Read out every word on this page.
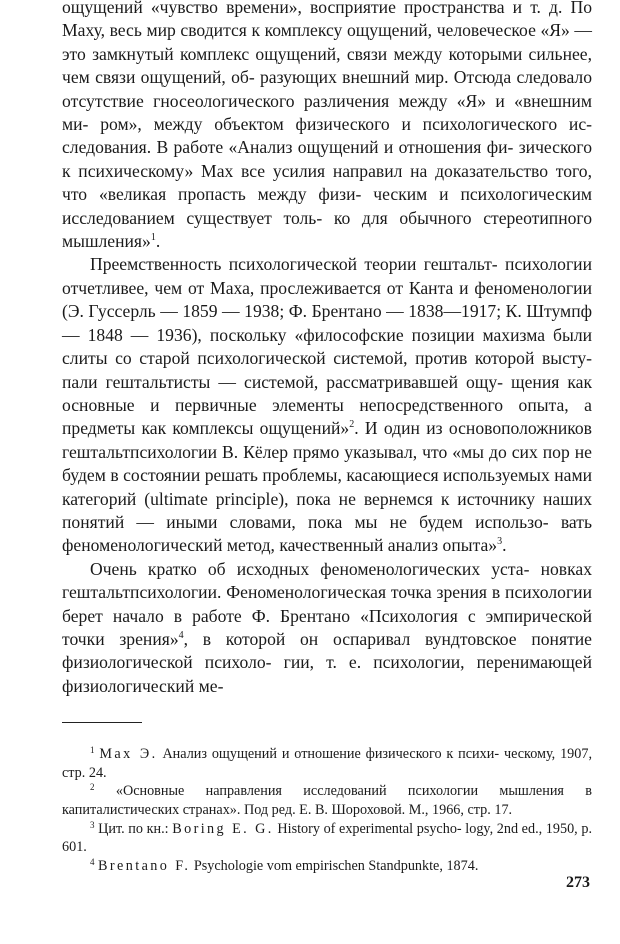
ощущений «чувство времени», восприятие пространства и т. д. По Маху, весь мир сводится к комплексу ощущений, человеческое «Я» — это замкнутый комплекс ощущений, связи между которыми сильнее, чем связи ощущений, об- разующих внешний мир. Отсюда следовало отсутствие гносеологического различения между «Я» и «внешним ми- ром», между объектом физического и психологического ис- следования. В работе «Анализ ощущений и отношения фи- зического к психическому» Мах все усилия направил на доказательство того, что «великая пропасть между физи- ческим и психологическим исследованием существует толь- ко для обычного стереотипного мышления»$^1$.

Преемственность психологической теории гештальт- психологии отчетливее, чем от Маха, прослеживается от Канта и феноменологии (Э. Гуссерль — 1859 — 1938; Ф. Брентано — 1838—1917; К. Штумпф — 1848 — 1936), поскольку «философские позиции махизма были слиты со старой психологической системой, против которой высту- пали гештальтисты — системой, рассматривавшей ощу- щения как основные и первичные элементы непосредственного опыта, а предметы как комплексы ощущений»$^2$. И один из основоположников гештальтпсихологии В. Кёлер прямо указывал, что «мы до сих пор не будем в состоянии решать проблемы, касающиеся используемых нами категорий (ultimate principle), пока не вернемся к источнику наших понятий — иными словами, пока мы не будем использо- вать феноменологический метод, качественный анализ опыта»$^3$.

Очень кратко об исходных феноменологических уста- новках гештальтпсихологии. Феноменологическая точка зрения в психологии берет начало в работе Ф. Брентано «Психология с эмпирической точки зрения»$^4$, в которой он оспаривал вундтовское понятие физиологической психоло- гии, т. е. психологии, перенимающей физиологический ме-

$^1$ Мах Э. Анализ ощущений и отношение физического к психи- ческому, 1907, стр. 24.

$^2$ «Основные направления исследований психологии мышления в капиталистических странах». Под ред. Е. В. Шороховой. М., 1966, стр. 17.

$^3$ Цит. по кн.: Boring E. G. History of experimental psycho- logy, 2nd ed., 1950, p. 601.

$^4$ Brentano F. Psychologie vom empirischen Standpunkte, 1874.

273
